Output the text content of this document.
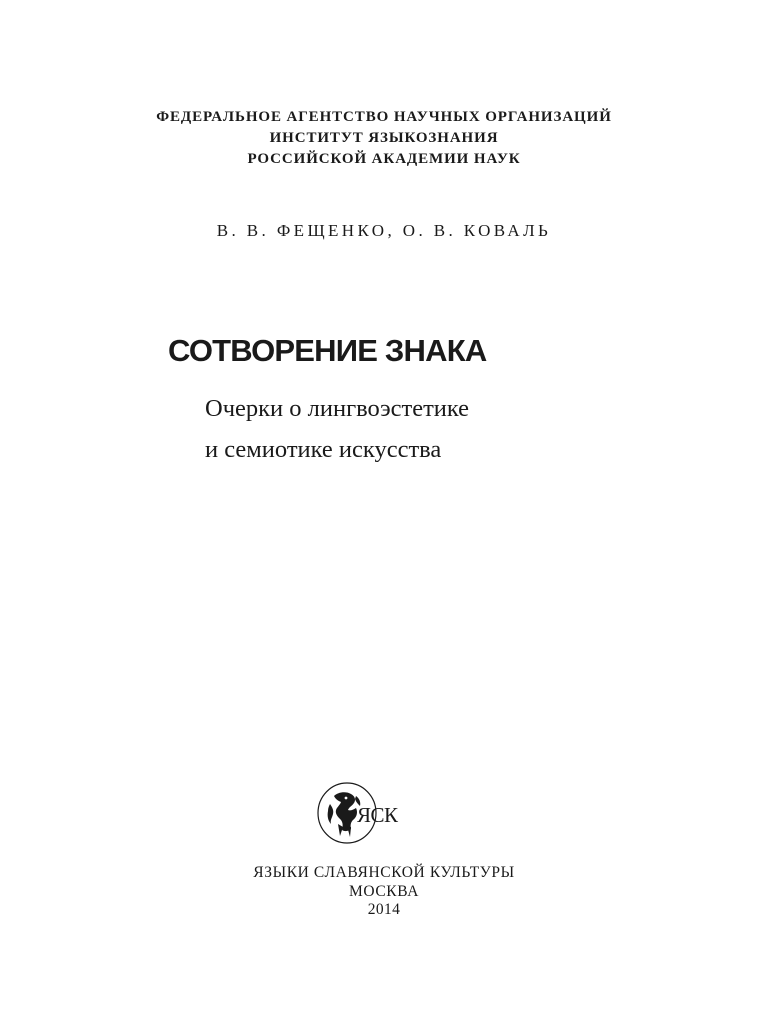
ФЕДЕРАЛЬНОЕ АГЕНТСТВО НАУЧНЫХ ОРГАНИЗАЦИЙ
ИНСТИТУТ ЯЗЫКОЗНАНИЯ
РОССИЙСКОЙ АКАДЕМИИ НАУК
В. В. ФЕЩЕНКО, О. В. КОВАЛЬ
СОТВОРЕНИЕ ЗНАКА
Очерки о лингвоэстетике
и семиотике искусства
ЯСК
ЯЗЫКИ СЛАВЯНСКОЙ КУЛЬТУРЫ
МОСКВА
2014
